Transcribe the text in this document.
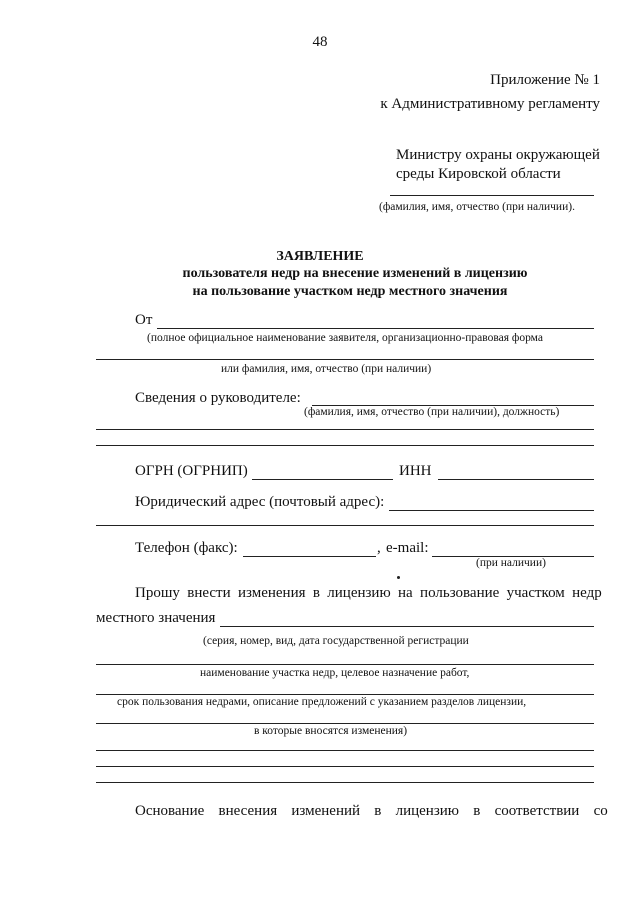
48
Приложение № 1
к Административному регламенту
Министру охраны окружающей
среды Кировской области
(фамилия, имя, отчество (при наличии).
ЗАЯВЛЕНИЕ
пользователя недр на внесение изменений в лицензию
на пользование участком недр местного значения
От
(полное официальное наименование заявителя, организационно-правовая форма
или фамилия, имя, отчество (при наличии)
Сведения о руководителе:
(фамилия, имя, отчество (при наличии), должность)
ОГРН (ОГРНИП)	ИНН
Юридический адрес (почтовый адрес):
Телефон (факс):	, e-mail:
(при наличии)
Прошу внести изменения в лицензию на пользование участком недр
местного значения
(серия, номер, вид, дата государственной регистрации
наименование участка недр, целевое назначение работ,
срок пользования недрами, описание предложений с указанием разделов лицензии,
в которые вносятся изменения)
Основание внесения изменений в лицензию в соответствии со
